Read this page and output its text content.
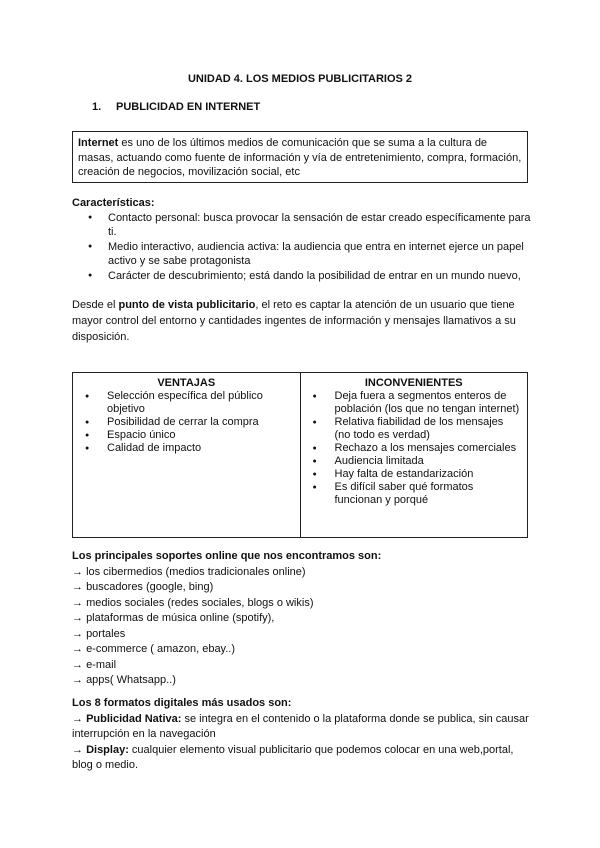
UNIDAD 4. LOS MEDIOS PUBLICITARIOS 2
1. PUBLICIDAD EN INTERNET
Internet es uno de los últimos medios de comunicación que se suma a la cultura de masas, actuando como fuente de información y vía de entretenimiento, compra, formación, creación de negocios, movilización social, etc
Características:
● Contacto personal: busca provocar la sensación de estar creado específicamente para ti.
● Medio interactivo, audiencia activa: la audiencia que entra en internet ejerce un papel activo y se sabe protagonista
● Carácter de descubrimiento; está dando la posibilidad de entrar en un mundo nuevo,
Desde el punto de vista publicitario, el reto es captar la atención de un usuario que tiene mayor control del entorno y cantidades ingentes de información y mensajes llamativos a su disposición.
VENTAJAS
● Selección específica del público objetivo
● Posibilidad de cerrar la compra
● Espacio único
● Calidad de impacto

INCONVENIENTES
● Deja fuera a segmentos enteros de población (los que no tengan internet)
● Relativa fiabilidad de los mensajes (no todo es verdad)
● Rechazo a los mensajes comerciales
● Audiencia limitada
● Hay falta de estandarización
● Es difícil saber qué formatos funcionan y porqué
Los principales soportes online que nos encontramos son:
→ los cibermedios (medios tradicionales online)
→ buscadores (google, bing)
→ medios sociales (redes sociales, blogs o wikis)
→ plataformas de música online (spotify),
→ portales
→ e-commerce ( amazon, ebay..)
→ e-mail
→ apps( Whatsapp..)
Los 8 formatos digitales más usados son:
→ Publicidad Nativa: se integra en el contenido o la plataforma donde se publica, sin causar interrupción en la navegación
→ Display: cualquier elemento visual publicitario que podemos colocar en una web,portal, blog o medio.
